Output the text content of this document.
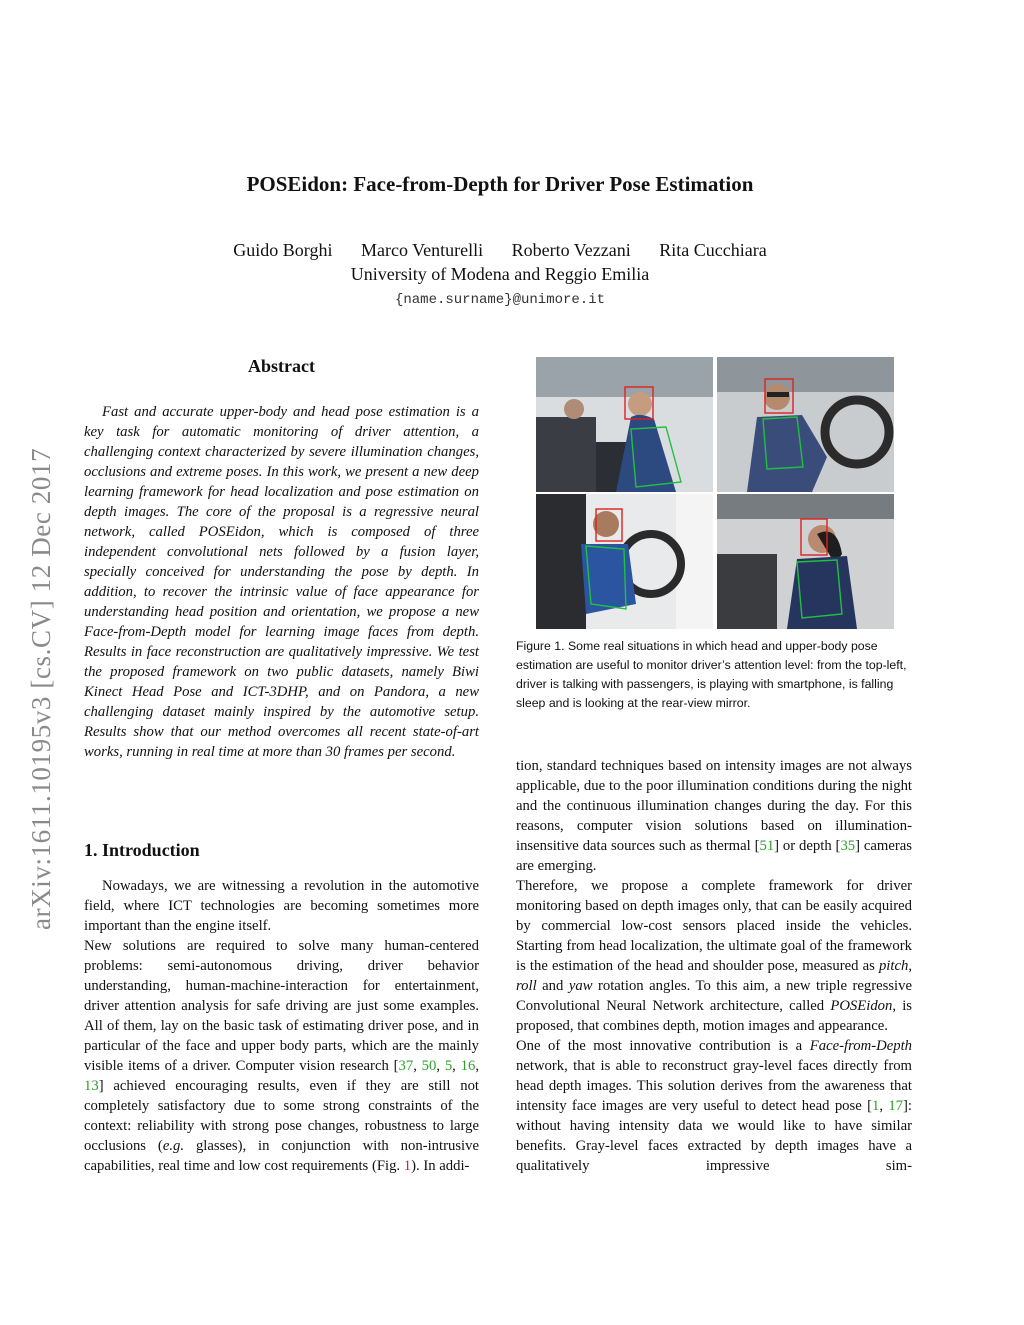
POSEidon: Face-from-Depth for Driver Pose Estimation
Guido Borghi Marco Venturelli Roberto Vezzani Rita Cucchiara
University of Modena and Reggio Emilia
{name.surname}@unimore.it
arXiv:1611.10195v3 [cs.CV] 12 Dec 2017
Abstract

Fast and accurate upper-body and head pose estimation is a key task for automatic monitoring of driver attention, a challenging context characterized by severe illumination changes, occlusions and extreme poses. In this work, we present a new deep learning framework for head localization and pose estimation on depth images. The core of the proposal is a regressive neural network, called POSEidon, which is composed of three independent convolutional nets followed by a fusion layer, specially conceived for understanding the pose by depth. In addition, to recover the intrinsic value of face appearance for understanding head position and orientation, we propose a new Face-from-Depth model for learning image faces from depth. Results in face reconstruction are qualitatively impressive. We test the proposed framework on two public datasets, namely Biwi Kinect Head Pose and ICT-3DHP, and on Pandora, a new challenging dataset mainly inspired by the automotive setup. Results show that our method overcomes all recent state-of-art works, running in real time at more than 30 frames per second.

1. Introduction

Nowadays, we are witnessing a revolution in the automotive field, where ICT technologies are becoming sometimes more important than the engine itself.

New solutions are required to solve many human-centered problems: semi-autonomous driving, driver behavior understanding, human-machine-interaction for entertainment, driver attention analysis for safe driving are just some examples. All of them, lay on the basic task of estimating driver pose, and in particular of the face and upper body parts, which are the mainly visible items of a driver. Computer vision research [37, 50, 5, 16, 13] achieved encouraging results, even if they are still not completely satisfactory due to some strong constraints of the context: reliability with strong pose changes, robustness to large occlusions (e.g. glasses), in conjunction with non-intrusive capabilities, real time and low cost requirements (Fig. 1). In addi-

Figure 1. Some real situations in which head and upper-body pose estimation are useful to monitor driver’s attention level: from the top-left, driver is talking with passengers, is playing with smartphone, is falling sleep and is looking at the rear-view mirror.

tion, standard techniques based on intensity images are not always applicable, due to the poor illumination conditions during the night and the continuous illumination changes during the day. For this reasons, computer vision solutions based on illumination-insensitive data sources such as thermal [51] or depth [35] cameras are emerging.

Therefore, we propose a complete framework for driver monitoring based on depth images only, that can be easily acquired by commercial low-cost sensors placed inside the vehicles. Starting from head localization, the ultimate goal of the framework is the estimation of the head and shoulder pose, measured as pitch, roll and yaw rotation angles. To this aim, a new triple regressive Convolutional Neural Network architecture, called POSEidon, is proposed, that combines depth, motion images and appearance.

One of the most innovative contribution is a Face-from-Depth network, that is able to reconstruct gray-level faces directly from head depth images. This solution derives from the awareness that intensity face images are very useful to detect head pose [1, 17]: without having intensity data we would like to have similar benefits. Gray-level faces extracted by depth images have a qualitatively impressive sim-
